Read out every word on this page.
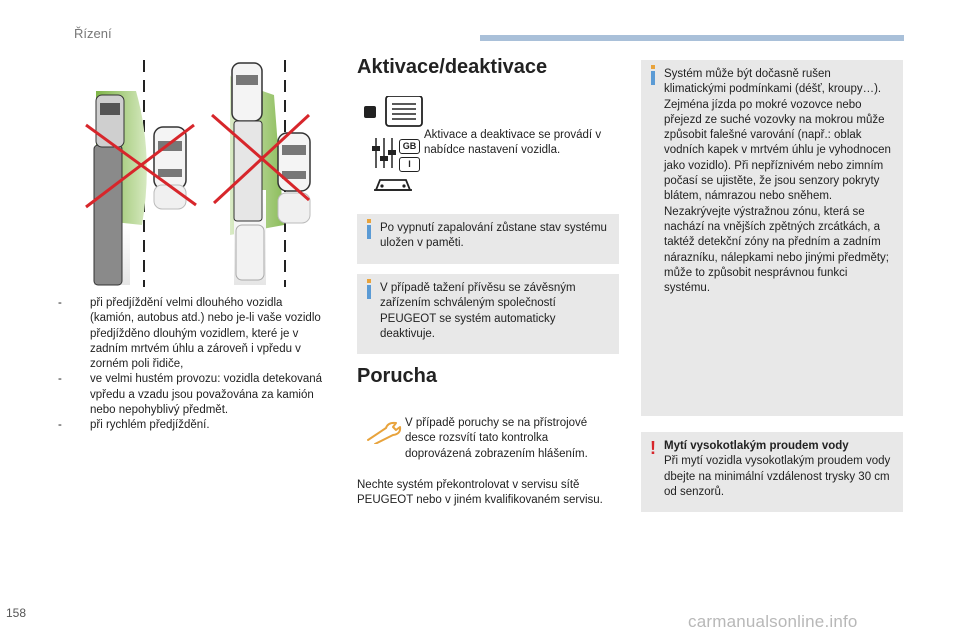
Řízení
-	při předjíždění velmi dlouhého vozidla (kamión, autobus atd.) nebo je-li vaše vozidlo předjížděno dlouhým vozidlem, které je v zadním mrtvém úhlu a zároveň i vpředu v zorném poli řidiče,
-	ve velmi hustém provozu: vozidla detekovaná vpředu a vzadu jsou považována za kamión nebo nepohyblivý předmět.
-	při rychlém předjíždění.
Aktivace/deaktivace
GB
I
Aktivace a deaktivace se provádí v nabídce nastavení vozidla.
Po vypnutí zapalování zůstane stav systému uložen v paměti.
V případě tažení přívěsu se závěsným zařízením schváleným společností PEUGEOT se systém automaticky deaktivuje.
Porucha
V případě poruchy se na přístrojové desce rozsvítí tato kontrolka doprovázená zobrazením hlášením.
Nechte systém překontrolovat v servisu sítě PEUGEOT nebo v jiném kvalifikovaném servisu.
Systém může být dočasně rušen klimatickými podmínkami (déšť, kroupy…). Zejména jízda po mokré vozovce nebo přejezd ze suché vozovky na mokrou může způsobit falešné varování (např.: oblak vodních kapek v mrtvém úhlu je vyhodnocen jako vozidlo). Při nepříznivém nebo zimním počasí se ujistěte, že jsou senzory pokryty blátem, námrazou nebo sněhem. Nezakrývejte výstražnou zónu, která se nachází na vnějších zpětných zrcátkách, a taktéž detekční zóny na předním a zadním nárazníku, nálepkami nebo jinými předměty; může to způsobit nesprávnou funkci systému.
! Mytí vysokotlakým proudem vody
Při mytí vozidla vysokotlakým proudem vody dbejte na minimální vzdálenost trysky 30 cm od senzorů.
158	carmanualsonline.info
